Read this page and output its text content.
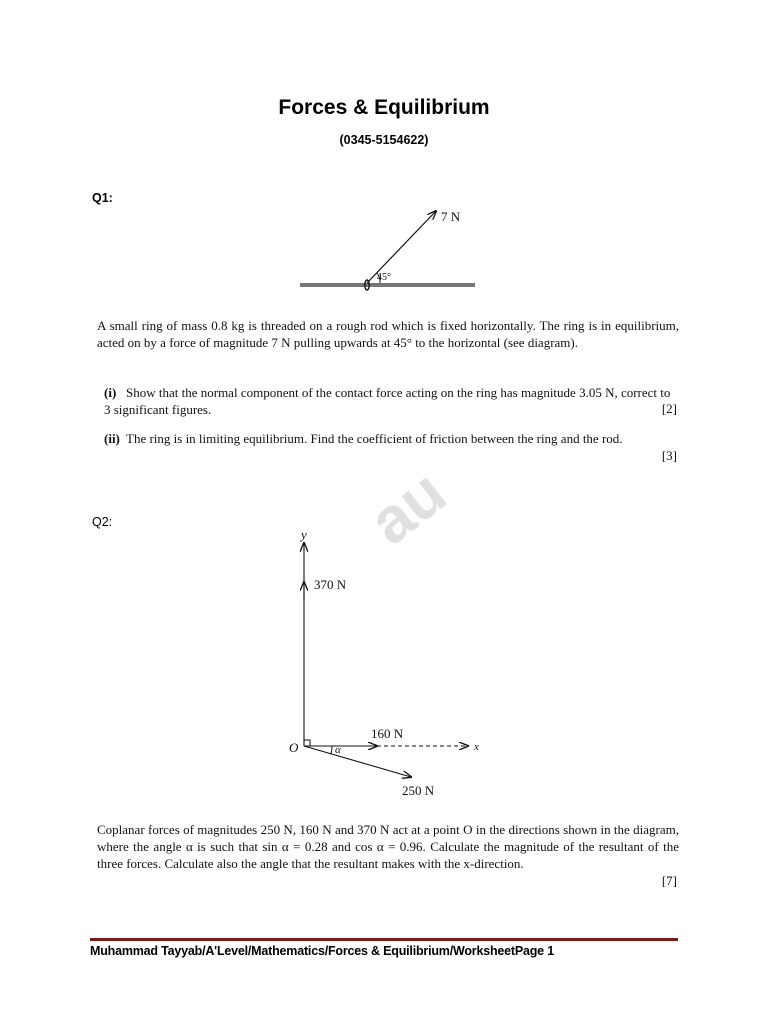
au
Forces & Equilibrium
(0345-5154622)
Q1:
7 N
45°
y
x
O	α
370 N
160 N
250 N
A small ring of mass 0.8 kg is threaded on a rough rod which is fixed horizontally. The ring is in equilibrium, acted on by a force of magnitude 7 N pulling upwards at 45° to the horizontal (see diagram).
(i) Show that the normal component of the contact force acting on the ring has magnitude 3.05 N, correct to 3 significant figures.	[2]
(ii) The ring is in limiting equilibrium. Find the coefficient of friction between the ring and the rod.
[3]
Q2:
Coplanar forces of magnitudes 250 N, 160 N and 370 N act at a point O in the directions shown in the diagram, where the angle α is such that sin α = 0.28 and cos α = 0.96. Calculate the magnitude of the resultant of the three forces. Calculate also the angle that the resultant makes with the x-direction.
[7]
Muhammad Tayyab/A'Level/Mathematics/Forces & Equilibrium/WorksheetPage 1
